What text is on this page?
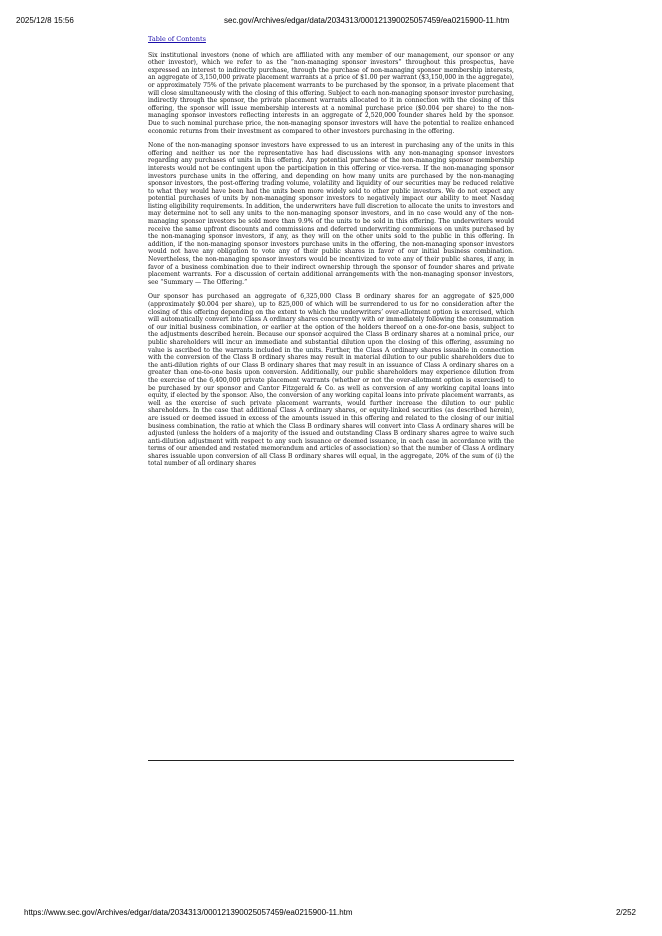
2025/12/8 15:56	sec.gov/Archives/edgar/data/2034313/000121390025057459/ea0215900-11.htm
Table of Contents

Six institutional investors (none of which are affiliated with any member of our management, our sponsor or any other investor), which we refer to as the “non-managing sponsor investors” throughout this prospectus, have expressed an interest to indirectly purchase, through the purchase of non-managing sponsor membership interests, an aggregate of 3,150,000 private placement warrants at a price of $1.00 per warrant ($3,150,000 in the aggregate), or approximately 75% of the private placement warrants to be purchased by the sponsor, in a private placement that will close simultaneously with the closing of this offering. Subject to each non-managing sponsor investor purchasing, indirectly through the sponsor, the private placement warrants allocated to it in connection with the closing of this offering, the sponsor will issue membership interests at a nominal purchase price ($0.004 per share) to the non-managing sponsor investors reflecting interests in an aggregate of 2,520,000 founder shares held by the sponsor. Due to such nominal purchase price, the non-managing sponsor investors will have the potential to realize enhanced economic returns from their investment as compared to other investors purchasing in the offering.

None of the non-managing sponsor investors have expressed to us an interest in purchasing any of the units in this offering and neither us nor the representative has had discussions with any non-managing sponsor investors regarding any purchases of units in this offering. Any potential purchase of the non-managing sponsor membership interests would not be contingent upon the participation in this offering or vice-versa. If the non-managing sponsor investors purchase units in the offering, and depending on how many units are purchased by the non-managing sponsor investors, the post-offering trading volume, volatility and liquidity of our securities may be reduced relative to what they would have been had the units been more widely sold to other public investors. We do not expect any potential purchases of units by non-managing sponsor investors to negatively impact our ability to meet Nasdaq listing eligibility requirements. In addition, the underwriters have full discretion to allocate the units to investors and may determine not to sell any units to the non-managing sponsor investors, and in no case would any of the non-managing sponsor investors be sold more than 9.9% of the units to be sold in this offering. The underwriters would receive the same upfront discounts and commissions and deferred underwriting commissions on units purchased by the non-managing sponsor investors, if any, as they will on the other units sold to the public in this offering. In addition, if the non-managing sponsor investors purchase units in the offering, the non-managing sponsor investors would not have any obligation to vote any of their public shares in favor of our initial business combination. Nevertheless, the non-managing sponsor investors would be incentivized to vote any of their public shares, if any, in favor of a business combination due to their indirect ownership through the sponsor of founder shares and private placement warrants. For a discussion of certain additional arrangements with the non-managing sponsor investors, see “Summary — The Offering.”

Our sponsor has purchased an aggregate of 6,325,000 Class B ordinary shares for an aggregate of $25,000 (approximately $0.004 per share), up to 825,000 of which will be surrendered to us for no consideration after the closing of this offering depending on the extent to which the underwriters’ over-allotment option is exercised, which will automatically convert into Class A ordinary shares concurrently with or immediately following the consummation of our initial business combination, or earlier at the option of the holders thereof on a one-for-one basis, subject to the adjustments described herein. Because our sponsor acquired the Class B ordinary shares at a nominal price, our public shareholders will incur an immediate and substantial dilution upon the closing of this offering, assuming no value is ascribed to the warrants included in the units. Further, the Class A ordinary shares issuable in connection with the conversion of the Class B ordinary shares may result in material dilution to our public shareholders due to the anti-dilution rights of our Class B ordinary shares that may result in an issuance of Class A ordinary shares on a greater than one-to-one basis upon conversion. Additionally, our public shareholders may experience dilution from the exercise of the 6,400,000 private placement warrants (whether or not the over-allotment option is exercised) to be purchased by our sponsor and Cantor Fitzgerald & Co. as well as conversion of any working capital loans into equity, if elected by the sponsor. Also, the conversion of any working capital loans into private placement warrants, as well as the exercise of such private placement warrants, would further increase the dilution to our public shareholders. In the case that additional Class A ordinary shares, or equity-linked securities (as described herein), are issued or deemed issued in excess of the amounts issued in this offering and related to the closing of our initial business combination, the ratio at which the Class B ordinary shares will convert into Class A ordinary shares will be adjusted (unless the holders of a majority of the issued and outstanding Class B ordinary shares agree to waive such anti-dilution adjustment with respect to any such issuance or deemed issuance, in each case in accordance with the terms of our amended and restated memorandum and articles of association) so that the number of Class A ordinary shares issuable upon conversion of all Class B ordinary shares will equal, in the aggregate, 20% of the sum of (i) the total number of all ordinary shares

https://www.sec.gov/Archives/edgar/data/2034313/000121390025057459/ea0215900-11.htm	2/252
